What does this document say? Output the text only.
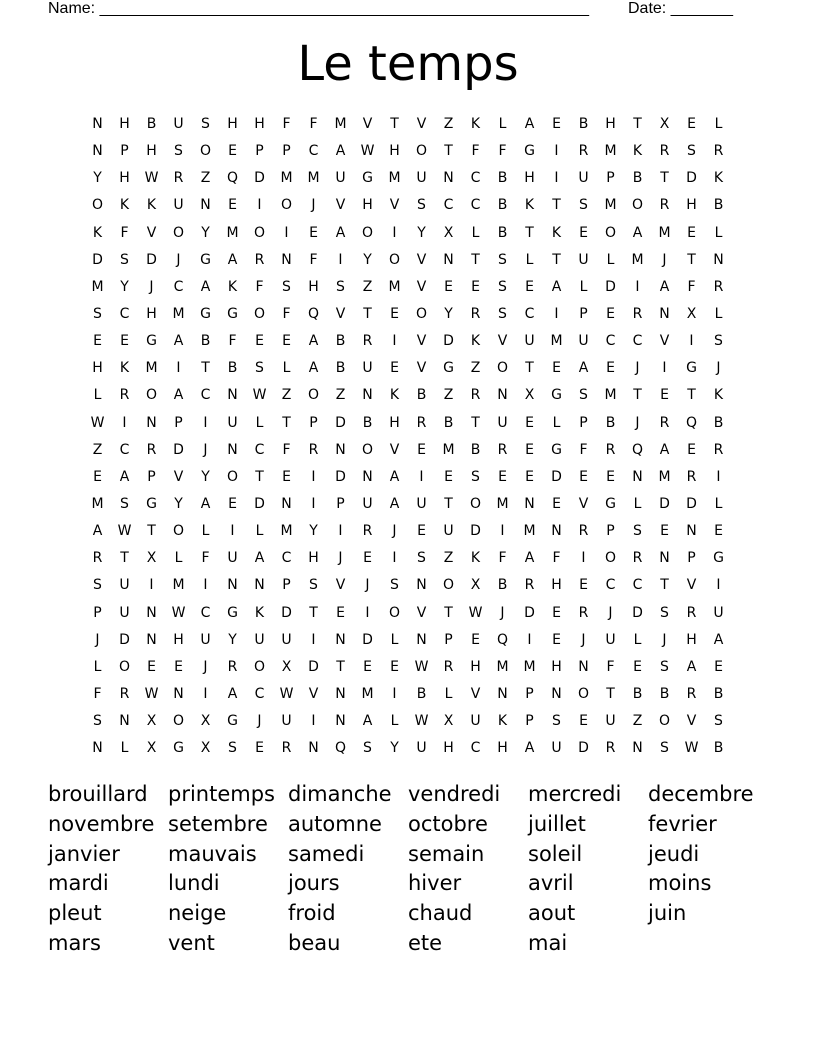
Name: _______________________________________________________ Date: _______
Le temps
N	H	B	U	S	H	H	F	F	M	V	T	V	Z	K	L	A	E	B	H	T	X	E	L
N	P	H	S	O	E	P	P	C	A	W	H	O	T	F	F	G	I	R	M	K	R	S	R
Y	H	W	R	Z	Q	D	M	M	U	G	M	U	N	C	B	H	I	U	P	B	T	D	K
O	K	K	U	N	E	I	O	J	V	H	V	S	C	C	B	K	T	S	M	O	R	H	B
K	F	V	O	Y	M	O	I	E	A	O	I	Y	X	L	B	T	K	E	O	A	M	E	L
D	S	D	J	G	A	R	N	F	I	Y	O	V	N	T	S	L	T	U	L	M	J	T	N
M	Y	J	C	A	K	F	S	H	S	Z	M	V	E	E	S	E	A	L	D	I	A	F	R
S	C	H	M	G	G	O	F	Q	V	T	E	O	Y	R	S	C	I	P	E	R	N	X	L
E	E	G	A	B	F	E	E	A	B	R	I	V	D	K	V	U	M	U	C	C	V	I	S
H	K	M	I	T	B	S	L	A	B	U	E	V	G	Z	O	T	E	A	E	J	I	G	J
L	R	O	A	C	N	W	Z	O	Z	N	K	B	Z	R	N	X	G	S	M	T	E	T	K
W	I	N	P	I	U	L	T	P	D	B	H	R	B	T	U	E	L	P	B	J	R	Q	B
Z	C	R	D	J	N	C	F	R	N	O	V	E	M	B	R	E	G	F	R	Q	A	E	R
E	A	P	V	Y	O	T	E	I	D	N	A	I	E	S	E	E	D	E	E	N	M	R	I
M	S	G	Y	A	E	D	N	I	P	U	A	U	T	O	M	N	E	V	G	L	D	D	L
A	W	T	O	L	I	L	M	Y	I	R	J	E	U	D	I	M	N	R	P	S	E	N	E
R	T	X	L	F	U	A	C	H	J	E	I	S	Z	K	F	A	F	I	O	R	N	P	G
S	U	I	M	I	N	N	P	S	V	J	S	N	O	X	B	R	H	E	C	C	T	V	I
P	U	N	W	C	G	K	D	T	E	I	O	V	T	W	J	D	E	R	J	D	S	R	U
J	D	N	H	U	Y	U	U	I	N	D	L	N	P	E	Q	I	E	J	U	L	J	H	A
L	O	E	E	J	R	O	X	D	T	E	E	W	R	H	M	M	H	N	F	E	S	A	E
F	R	W	N	I	A	C	W	V	N	M	I	B	L	V	N	P	N	O	T	B	B	R	B
S	N	X	O	X	G	J	U	I	N	A	L	W	X	U	K	P	S	E	U	Z	O	V	S
N	L	X	G	X	S	E	R	N	Q	S	Y	U	H	C	H	A	U	D	R	N	S	W	B
brouillard printemps dimanche vendredi	mercredi	decembre
novembre setembre automne	octobre	juillet	fevrier
janvier	mauvais	samedi	semain	soleil	jeudi
mardi	lundi	jours	hiver	avril	moins
pleut	neige	froid	chaud	aout	juin
mars	vent	beau	ete	mai
